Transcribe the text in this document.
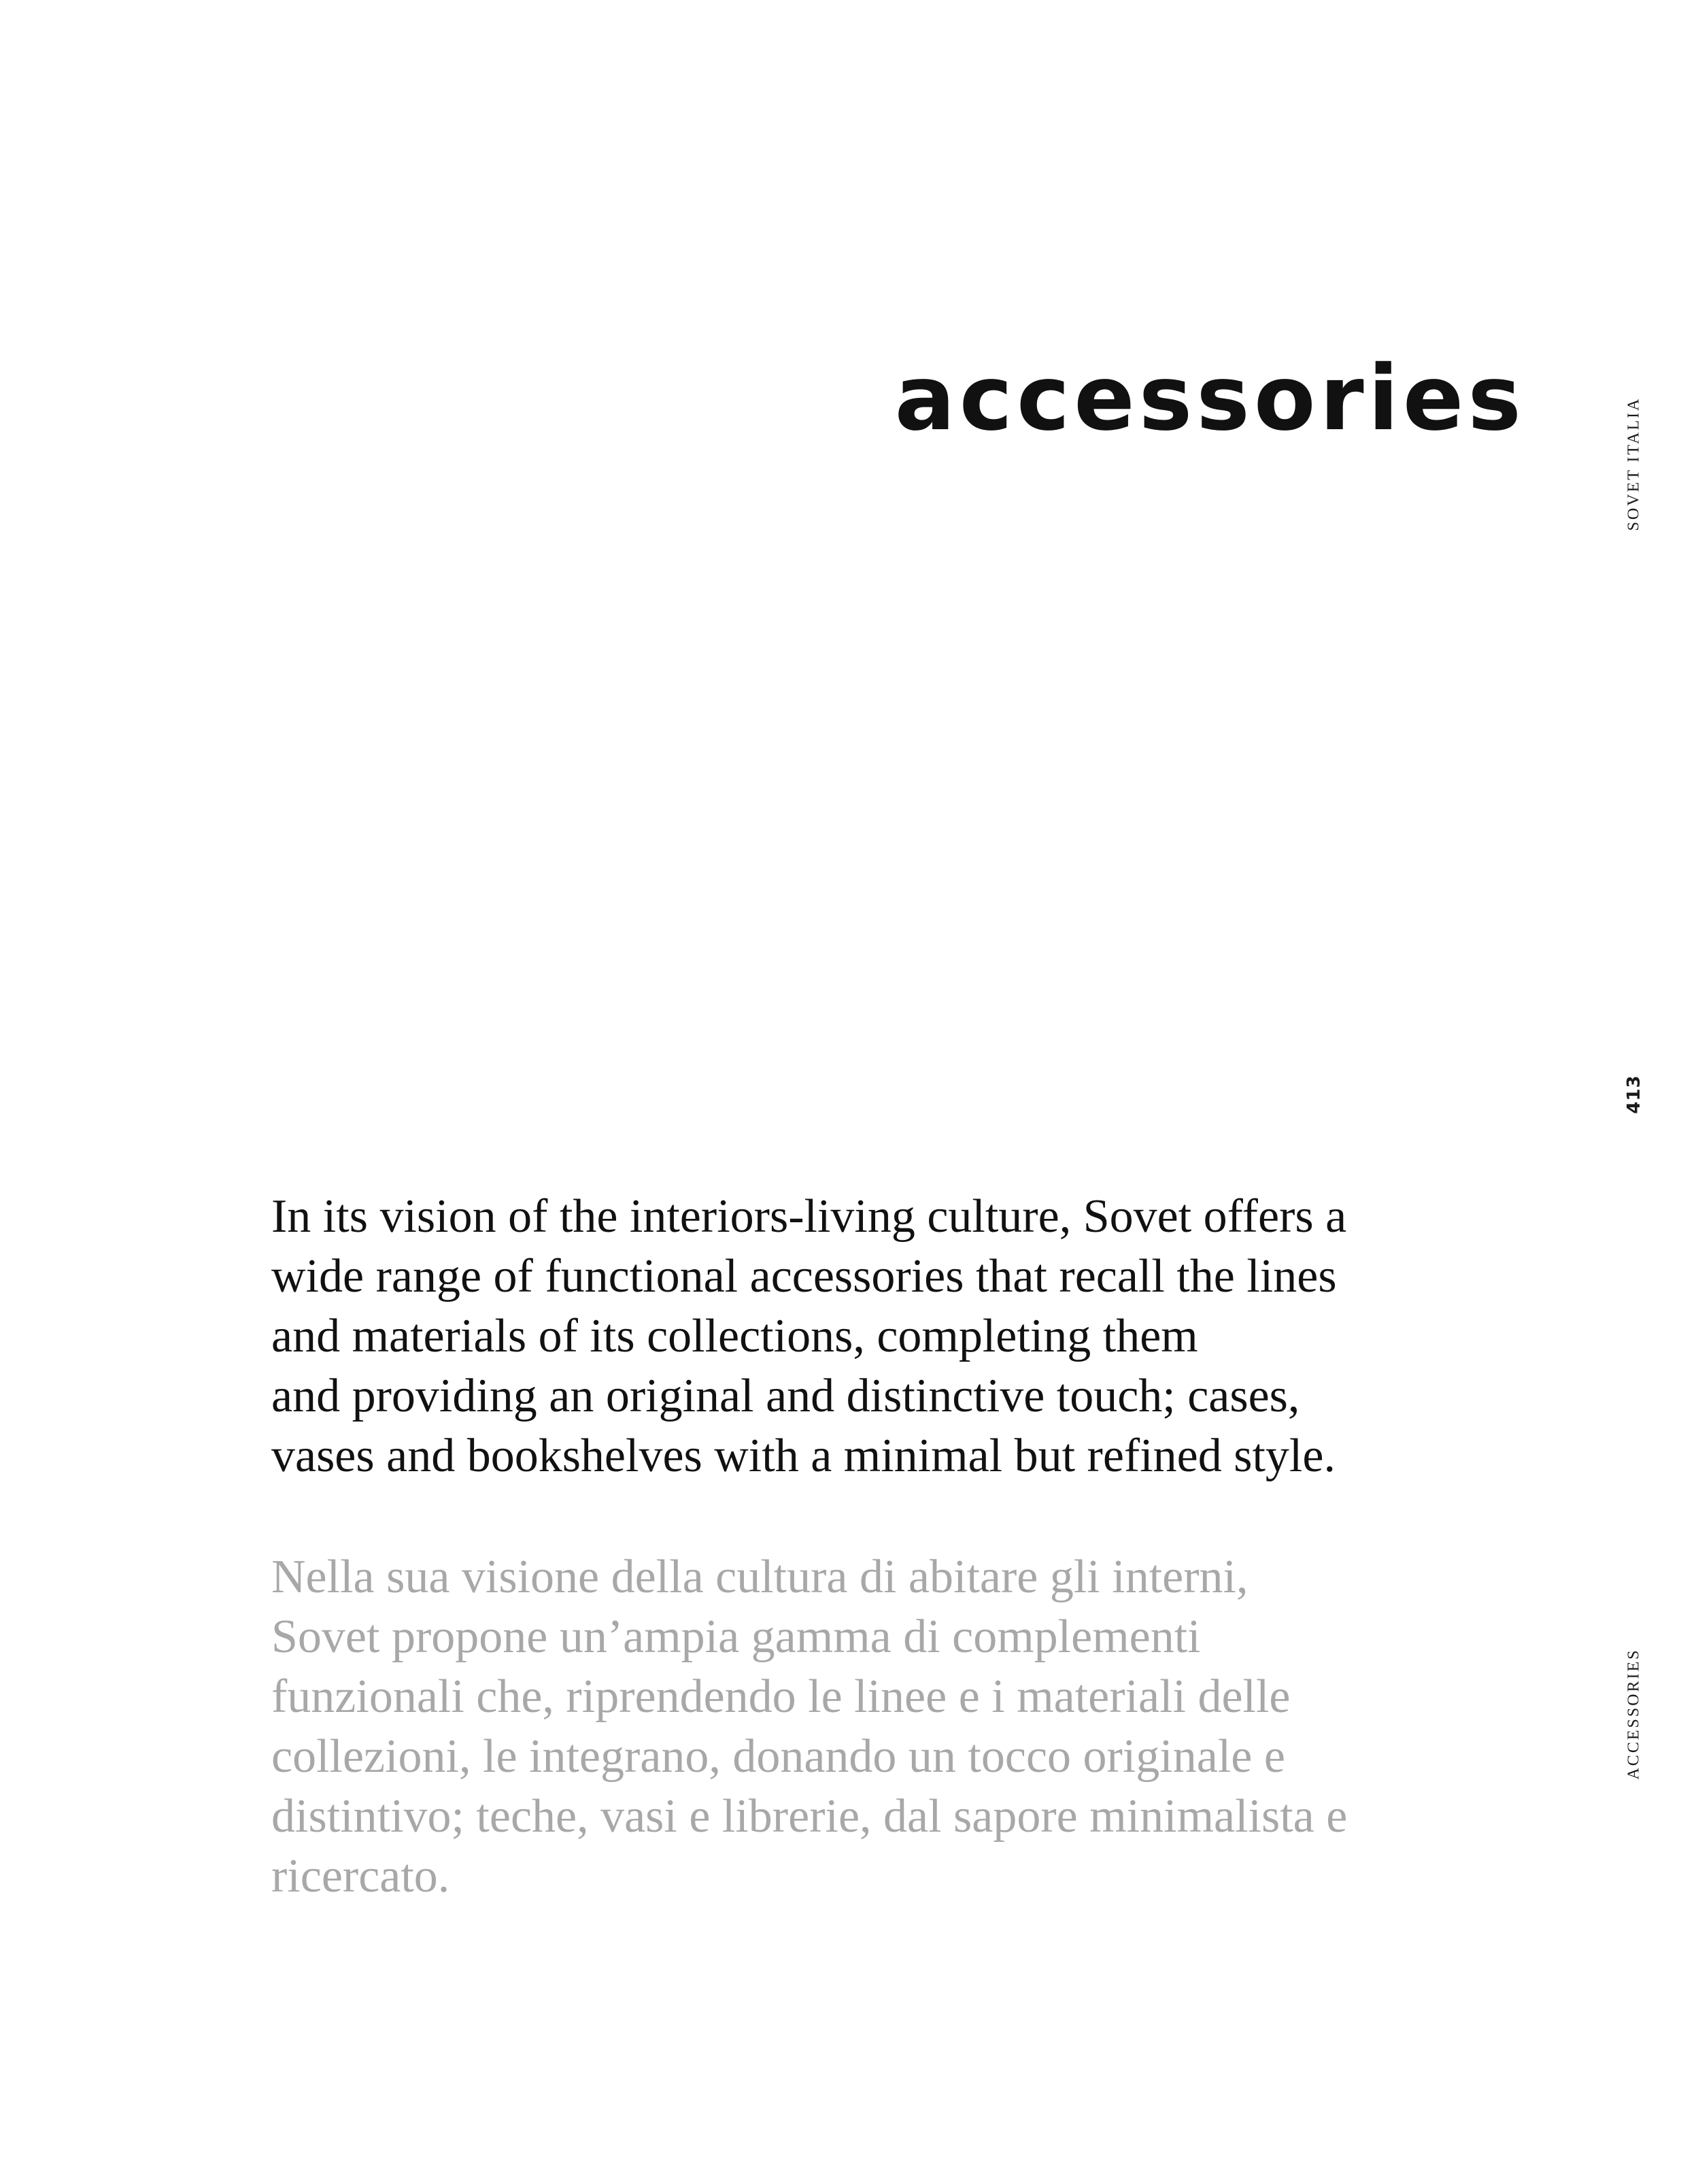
accessories	SOVET ITALIA
413
ACCESSORIES

In its vision of the interiors-living culture, Sovet offers a
wide range of functional accessories that recall the lines
and materials of its collections, completing them
and providing an original and distinctive touch; cases,
vases and bookshelves with a minimal but refined style.

Nella sua visione della cultura di abitare gli interni,
Sovet propone un’ampia gamma di complementi
funzionali che, riprendendo le linee e i materiali delle
collezioni, le integrano, donando un tocco originale e
distintivo; teche, vasi e librerie, dal sapore minimalista e
ricercato.
